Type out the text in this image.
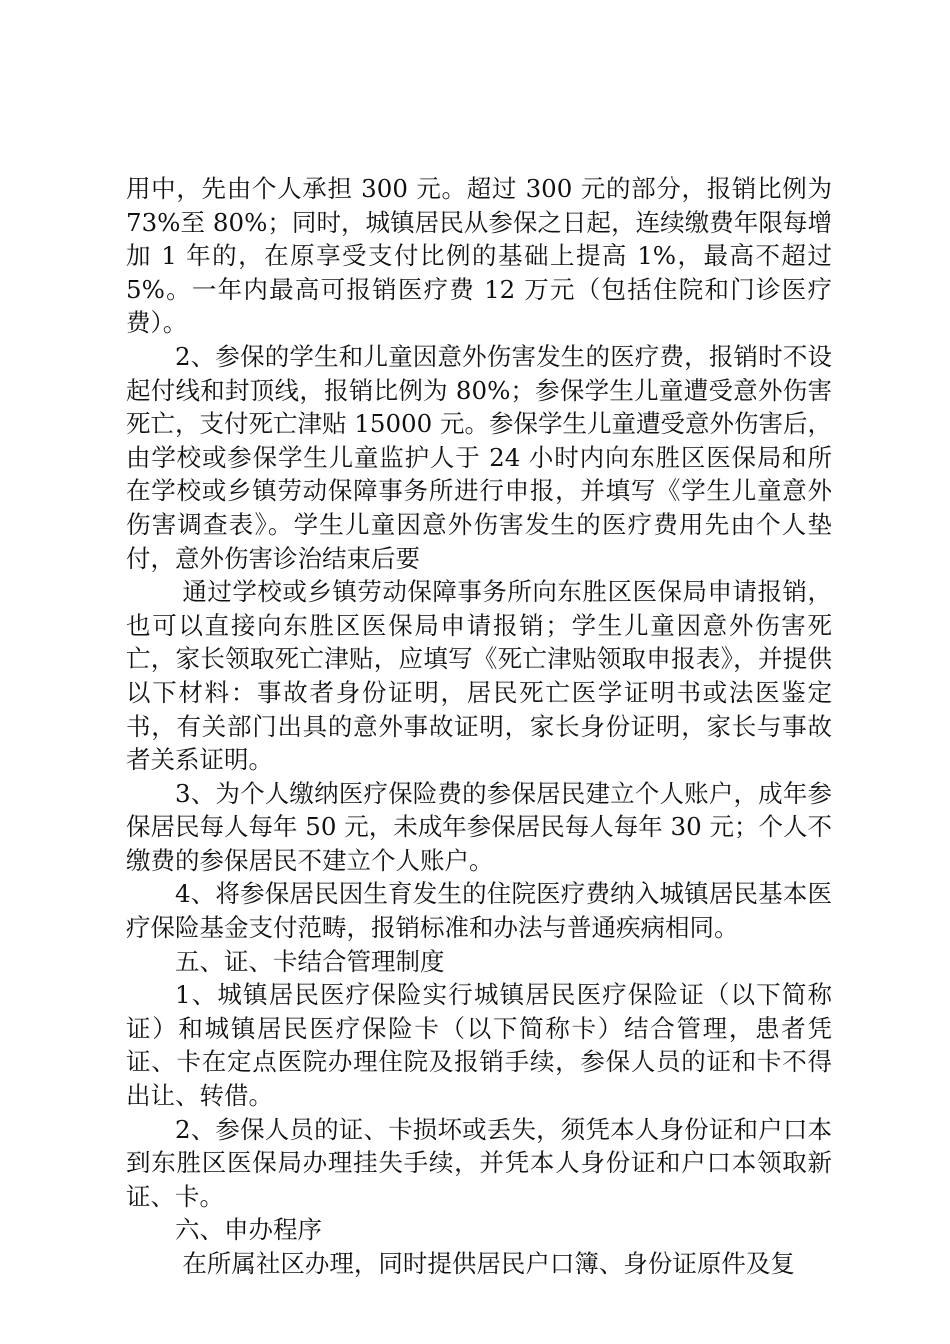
用中，先由个人承担 300 元。超过 300 元的部分，报销比例为 73%至 80%；同时，城镇居民从参保之日起，连续缴费年限每增加 1 年的，在原享受支付比例的基础上提高 1%，最高不超过 5%。一年内最高可报销医疗费 12 万元（包括住院和门诊医疗费）。

2、参保的学生和儿童因意外伤害发生的医疗费，报销时不设起付线和封顶线，报销比例为 80%；参保学生儿童遭受意外伤害死亡，支付死亡津贴 15000 元。参保学生儿童遭受意外伤害后，由学校或参保学生儿童监护人于 24 小时内向东胜区医保局和所在学校或乡镇劳动保障事务所进行申报，并填写《学生儿童意外伤害调查表》。学生儿童因意外伤害发生的医疗费用先由个人垫付，意外伤害诊治结束后要

通过学校或乡镇劳动保障事务所向东胜区医保局申请报销，也可以直接向东胜区医保局申请报销；学生儿童因意外伤害死亡，家长领取死亡津贴，应填写《死亡津贴领取申报表》，并提供以下材料：事故者身份证明，居民死亡医学证明书或法医鉴定书，有关部门出具的意外事故证明，家长身份证明，家长与事故者关系证明。

3、为个人缴纳医疗保险费的参保居民建立个人账户，成年参保居民每人每年 50 元，未成年参保居民每人每年 30 元；个人不缴费的参保居民不建立个人账户。

4、将参保居民因生育发生的住院医疗费纳入城镇居民基本医疗保险基金支付范畴，报销标准和办法与普通疾病相同。

五、证、卡结合管理制度

1、城镇居民医疗保险实行城镇居民医疗保险证（以下简称证）和城镇居民医疗保险卡（以下简称卡）结合管理，患者凭证、卡在定点医院办理住院及报销手续，参保人员的证和卡不得出让、转借。

2、参保人员的证、卡损坏或丢失，须凭本人身份证和户口本到东胜区医保局办理挂失手续，并凭本人身份证和户口本领取新证、卡。

六、申办程序

在所属社区办理，同时提供居民户口簿、身份证原件及复
